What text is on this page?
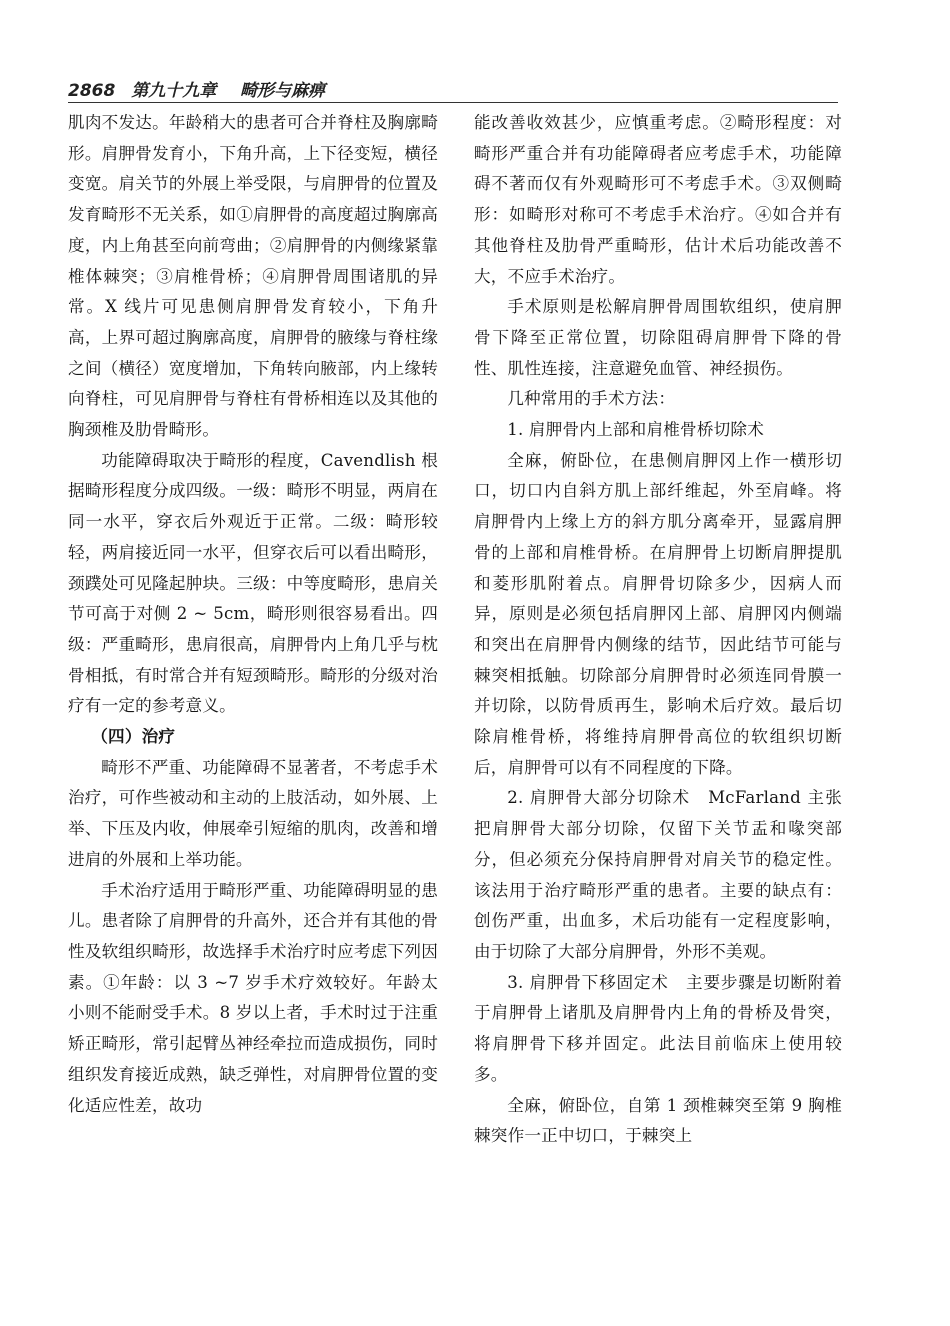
2868 第九十九章 畸形与麻痹

肌肉不发达。年龄稍大的患者可合并脊柱及胸廓畸形。肩胛骨发育小，下角升高，上下径变短，横径变宽。肩关节的外展上举受限，与肩胛骨的位置及发育畸形不无关系，如①肩胛骨的高度超过胸廓高度，内上角甚至向前弯曲；②肩胛骨的内侧缘紧靠椎体棘突；③肩椎骨桥；④肩胛骨周围诸肌的异常。X 线片可见患侧肩胛骨发育较小，下角升高，上界可超过胸廓高度，肩胛骨的腋缘与脊柱缘之间（横径）宽度增加，下角转向腋部，内上缘转向脊柱，可见肩胛骨与脊柱有骨桥相连以及其他的胸颈椎及肋骨畸形。

功能障碍取决于畸形的程度，Cavendlish 根据畸形程度分成四级。一级：畸形不明显，两肩在同一水平，穿衣后外观近于正常。二级：畸形较轻，两肩接近同一水平，但穿衣后可以看出畸形，颈蹼处可见隆起肿块。三级：中等度畸形，患肩关节可高于对侧 2 ~ 5cm，畸形则很容易看出。四级：严重畸形，患肩很高，肩胛骨内上角几乎与枕骨相抵，有时常合并有短颈畸形。畸形的分级对治疗有一定的参考意义。

（四）治疗

畸形不严重、功能障碍不显著者，不考虑手术治疗，可作些被动和主动的上肢活动，如外展、上举、下压及内收，伸展牵引短缩的肌肉，改善和增进肩的外展和上举功能。

手术治疗适用于畸形严重、功能障碍明显的患儿。患者除了肩胛骨的升高外，还合并有其他的骨性及软组织畸形，故选择手术治疗时应考虑下列因素。①年龄：以 3 ~7 岁手术疗效较好。年龄太小则不能耐受手术。8 岁以上者，手术时过于注重矫正畸形，常引起臂丛神经牵拉而造成损伤，同时组织发育接近成熟，缺乏弹性，对肩胛骨位置的变化适应性差，故功

能改善收效甚少，应慎重考虑。②畸形程度：对畸形严重合并有功能障碍者应考虑手术，功能障碍不著而仅有外观畸形可不考虑手术。③双侧畸形：如畸形对称可不考虑手术治疗。④如合并有其他脊柱及肋骨严重畸形，估计术后功能改善不大，不应手术治疗。

手术原则是松解肩胛骨周围软组织，使肩胛骨下降至正常位置，切除阻碍肩胛骨下降的骨性、肌性连接，注意避免血管、神经损伤。

几种常用的手术方法：

1. 肩胛骨内上部和肩椎骨桥切除术

全麻，俯卧位，在患侧肩胛冈上作一横形切口，切口内自斜方肌上部纤维起，外至肩峰。将肩胛骨内上缘上方的斜方肌分离牵开，显露肩胛骨的上部和肩椎骨桥。在肩胛骨上切断肩胛提肌和菱形肌附着点。肩胛骨切除多少，因病人而异，原则是必须包括肩胛冈上部、肩胛冈内侧端和突出在肩胛骨内侧缘的结节，因此结节可能与棘突相抵触。切除部分肩胛骨时必须连同骨膜一并切除，以防骨质再生，影响术后疗效。最后切除肩椎骨桥，将维持肩胛骨高位的软组织切断后，肩胛骨可以有不同程度的下降。

2. 肩胛骨大部分切除术　McFarland 主张把肩胛骨大部分切除，仅留下关节盂和喙突部分，但必须充分保持肩胛骨对肩关节的稳定性。该法用于治疗畸形严重的患者。主要的缺点有：创伤严重，出血多，术后功能有一定程度影响，由于切除了大部分肩胛骨，外形不美观。

3. 肩胛骨下移固定术　主要步骤是切断附着于肩胛骨上诸肌及肩胛骨内上角的骨桥及骨突，将肩胛骨下移并固定。此法目前临床上使用较多。

全麻，俯卧位，自第 1 颈椎棘突至第 9 胸椎棘突作一正中切口，于棘突上
